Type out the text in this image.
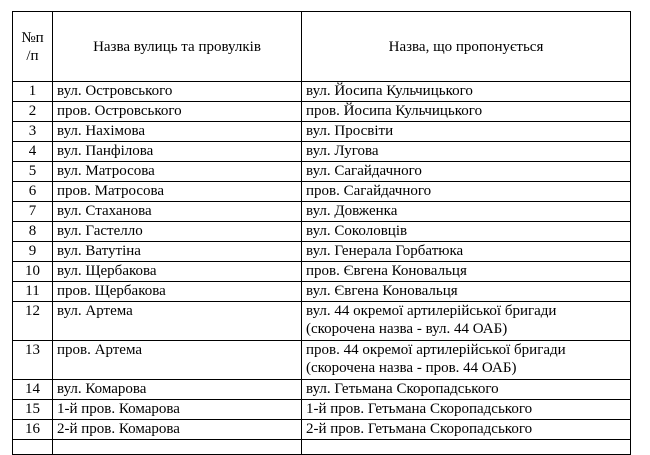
№п
/п	Назва вулиць та провулків	Назва, що пропонується
1	вул. Островського	вул. Йосипа Кульчицького
2	пров. Островського	пров. Йосипа Кульчицького
3	вул. Нахімова	вул. Просвіти
4	вул. Панфілова	вул. Лугова
5	вул. Матросова	вул. Сагайдачного
6	пров. Матросова	пров. Сагайдачного
7	вул. Стаханова	вул. Довженка
8	вул. Гастелло	вул. Соколовців
9	вул. Ватутіна	вул. Генерала Горбатюка
10	вул. Щербакова	пров. Євгена Коновальця
11	пров. Щербакова	вул. Євгена Коновальця
12	вул. Артема	вул. 44 окремої артилерійської бригади (скорочена назва - вул. 44 ОАБ)
13	пров. Артема	пров. 44 окремої артилерійської бригади (скорочена назва - пров. 44 ОАБ)
14	вул. Комарова	вул. Гетьмана Скоропадського
15	1-й пров. Комарова	1-й пров. Гетьмана Скоропадського
16	2-й пров. Комарова	2-й пров. Гетьмана Скоропадського
